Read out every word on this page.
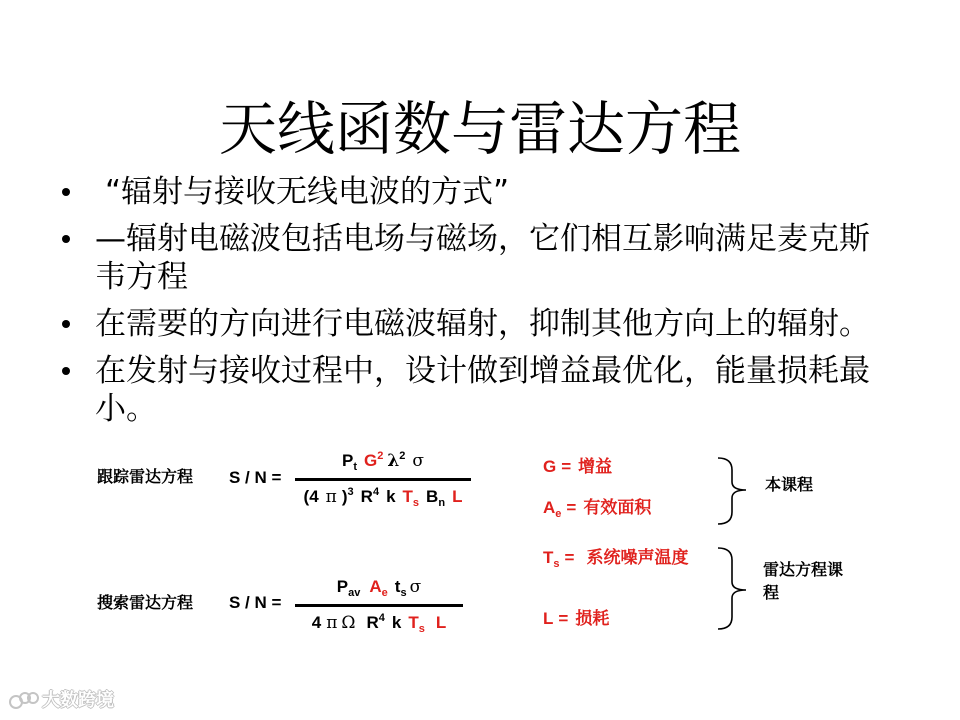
天线函数与雷达方程
“辐射与接收无线电波的方式”
—辐射电磁波包括电场与磁场，它们相互影响满足麦克斯韦方程
在需要的方向进行电磁波辐射，抑制其他方向上的辐射。
在发射与接收过程中，设计做到增益最优化，能量损耗最小。
跟踪雷达方程 S / N =
$P_t$ $G^2$ $\lambda^2$ σ
(4 π )$^3$ $R^4$ k $T_s$ $B_n$ L
搜索雷达方程 S / N =
$P_{av}$ $A_e$ $t_s$ σ
4 π Ω $R^4$ k $T_s$ L
G = 增益
$A_e$ = 有效面积
$T_s$ = 系统噪声温度
L = 损耗
本课程
雷达方程课程
大数跨境
